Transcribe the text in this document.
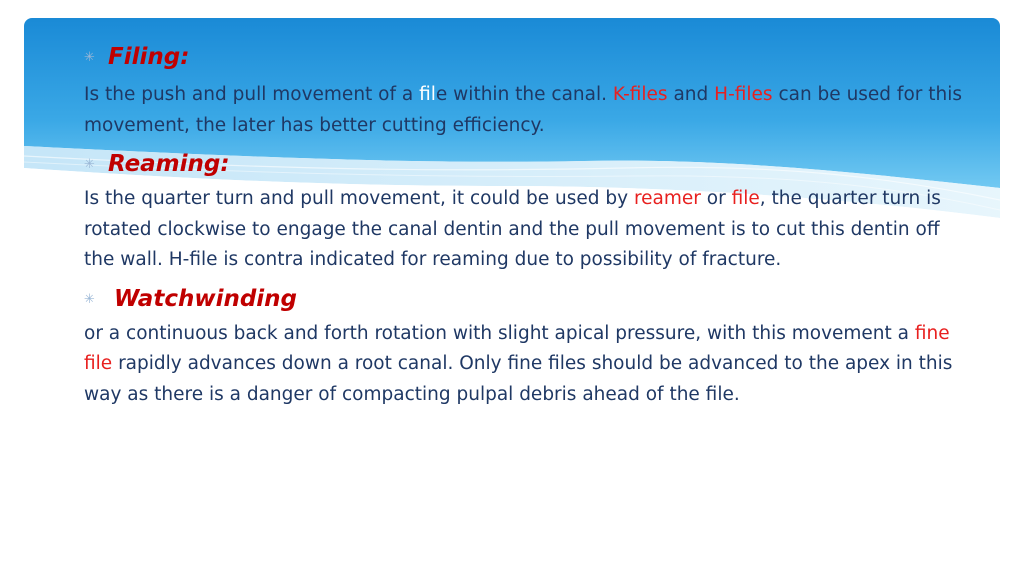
✳ Filing:

Is the push and pull movement of a file within the canal. K-files and H-files can be used for this movement, the later has better cutting efficiency.

✳ Reaming:

Is the quarter turn and pull movement, it could be used by reamer or file, the quarter turn is rotated clockwise to engage the canal dentin and the pull movement is to cut this dentin off the wall. H-file is contra indicated for reaming due to possibility of fracture.

✳ Watchwinding

or a continuous back and forth rotation with slight apical pressure, with this movement a fine file rapidly advances down a root canal. Only fine files should be advanced to the apex in this way as there is a danger of compacting pulpal debris ahead of the file.
